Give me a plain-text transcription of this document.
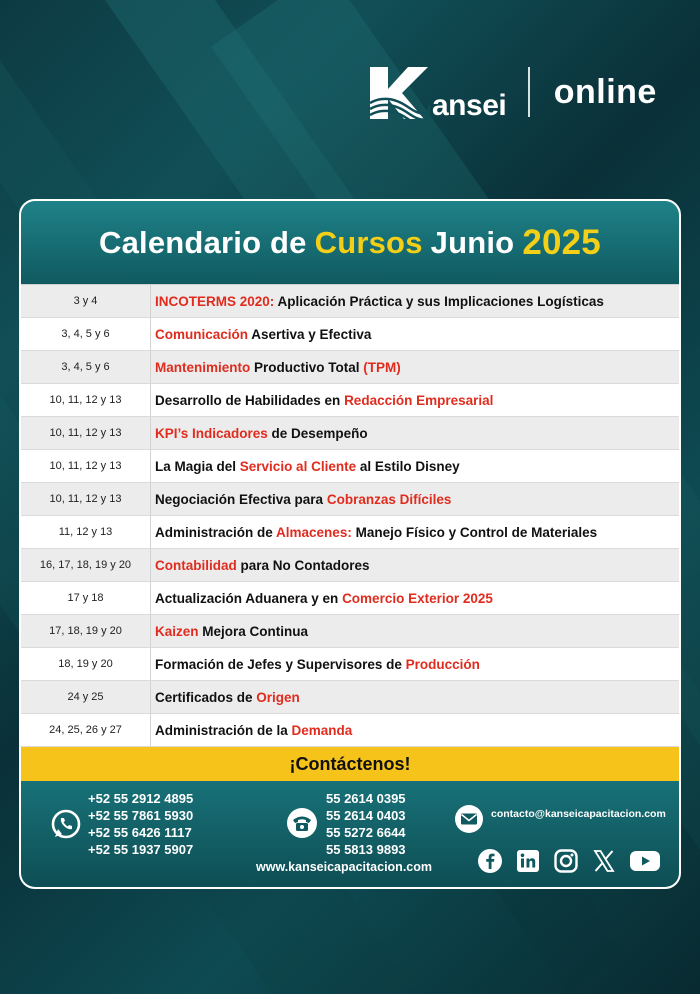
ansei online
Calendario de Cursos Junio 2025
3 y 4	INCOTERMS 2020: Aplicación Práctica y sus Implicaciones Logísticas
3, 4, 5 y 6	Comunicación Asertiva y Efectiva
3, 4, 5 y 6	Mantenimiento Productivo Total (TPM)
10, 11, 12 y 13	Desarrollo de Habilidades en Redacción Empresarial
10, 11, 12 y 13	KPI’s Indicadores de Desempeño
10, 11, 12 y 13	La Magia del Servicio al Cliente al Estilo Disney
10, 11, 12 y 13	Negociación Efectiva para Cobranzas Difíciles
11, 12 y 13	Administración de Almacenes: Manejo Físico y Control de Materiales
16, 17, 18, 19 y 20	Contabilidad para No Contadores
17 y 18	Actualización Aduanera y en Comercio Exterior 2025
17, 18, 19 y 20	Kaizen Mejora Continua
18, 19 y 20	Formación de Jefes y Supervisores de Producción
24 y 25	Certificados de Origen
24, 25, 26 y 27	Administración de la Demanda
¡Contáctenos!
+52 55 2912 4895
+52 55 7861 5930
+52 55 6426 1117
+52 55 1937 5907
55 2614 0395
55 2614 0403
55 5272 6644
55 5813 9893
contacto@kanseicapacitacion.com
www.kanseicapacitacion.com
